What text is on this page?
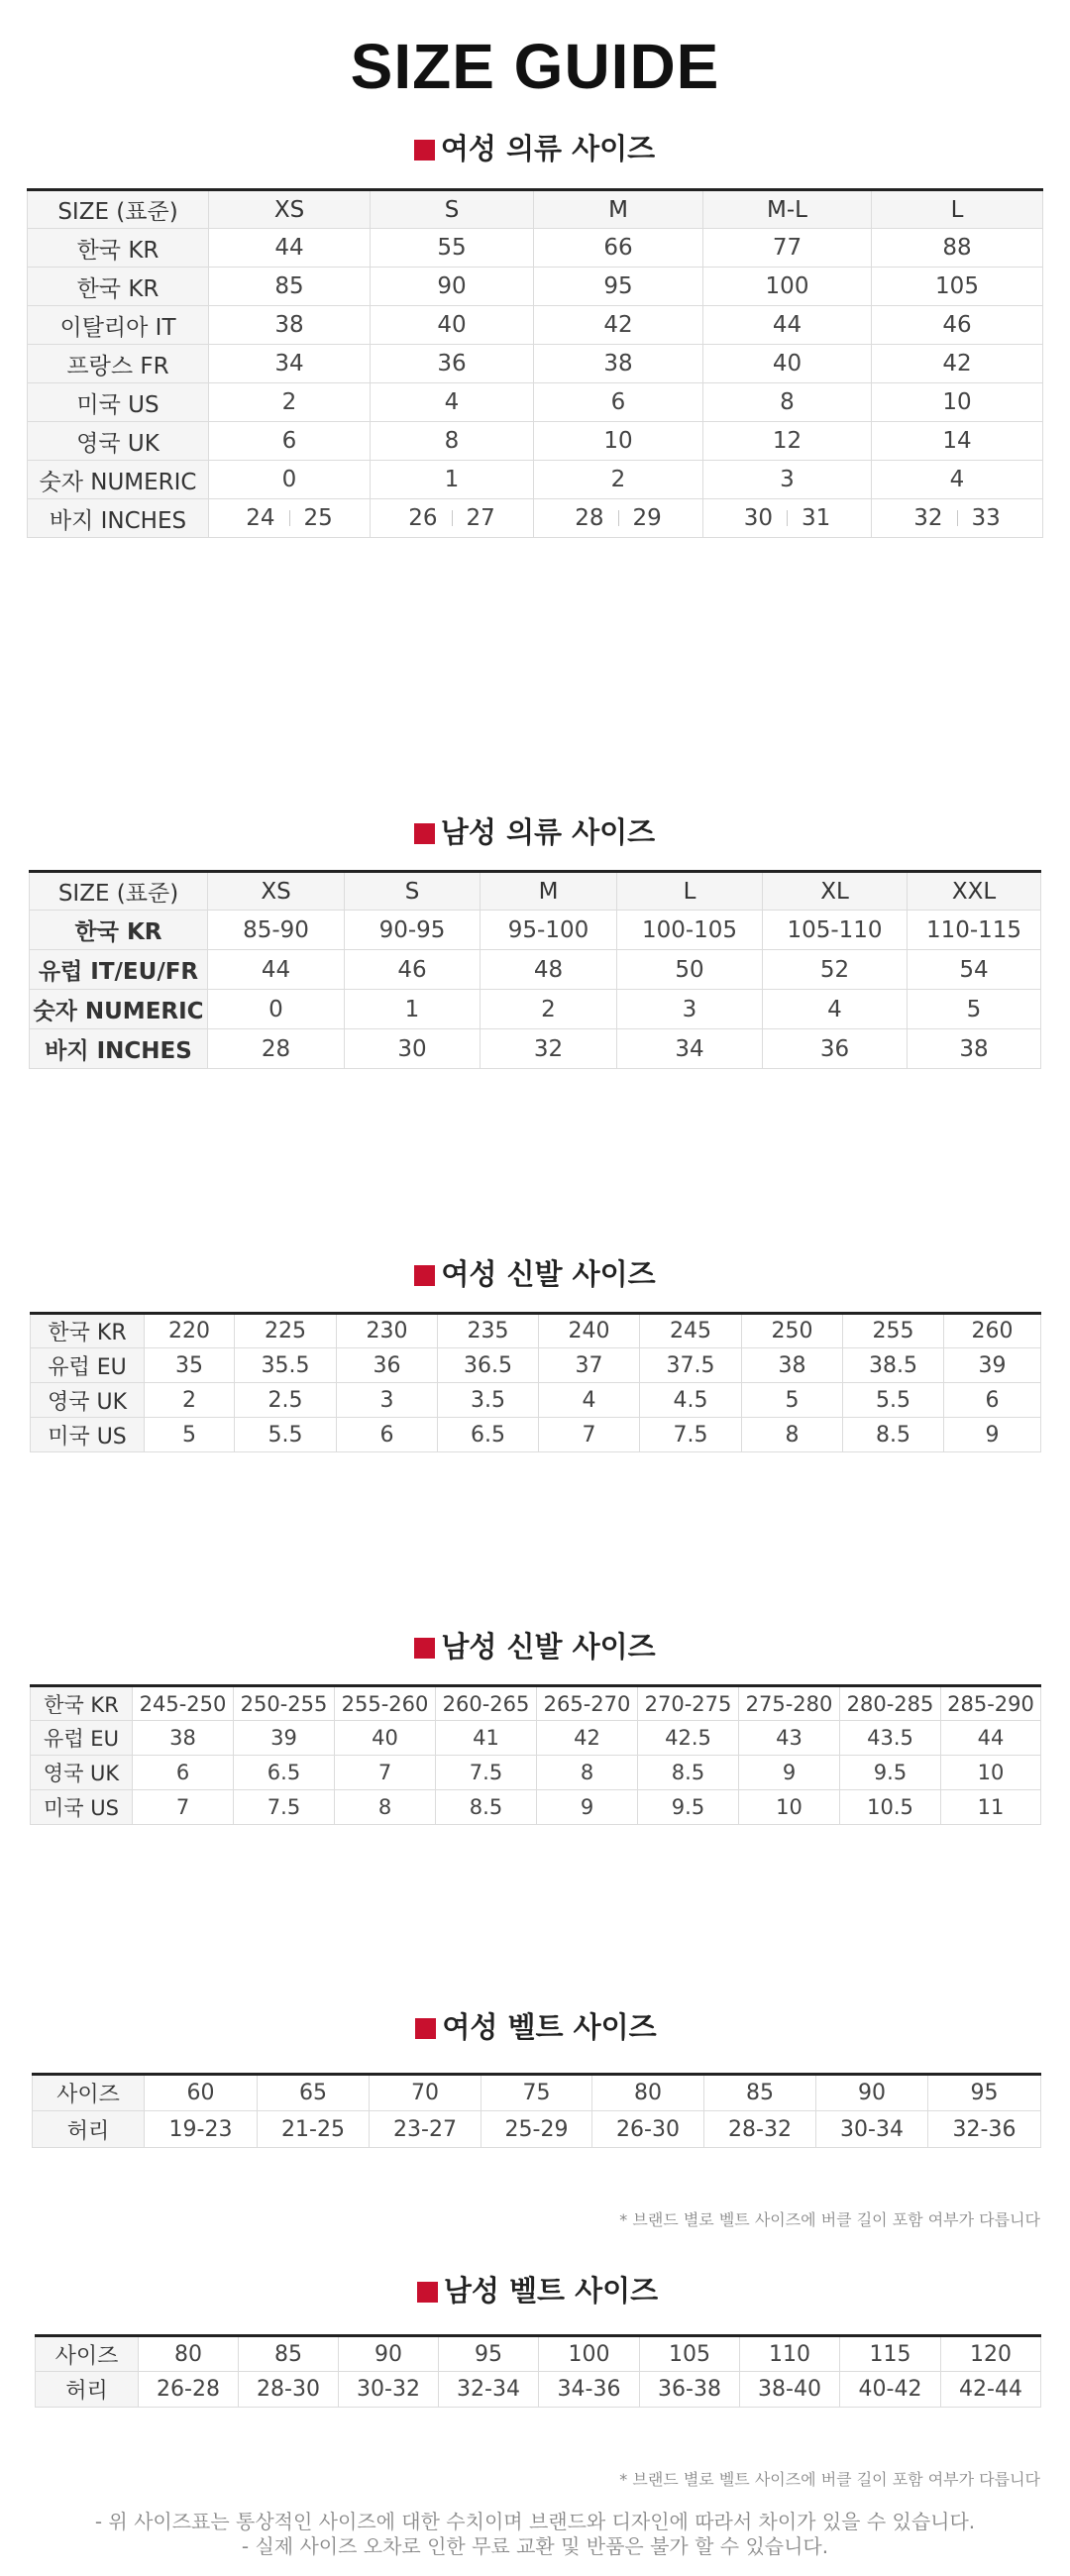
SIZE GUIDE
여성 의류 사이즈
SIZE (표준)	XS	S	M	M-L	L
한국 KR	44	55	66	77	88
한국 KR	85	90	95	100	105
이탈리아 IT	38	40	42	44	46
프랑스 FR	34	36	38	40	42
미국 US	2	4	6	8	10
영국 UK	6	8	10	12	14
숫자 NUMERIC	0	1	2	3	4
바지 INCHES	24 25	26 27	28 29	30 31	32 33
남성 의류 사이즈
SIZE (표준)	XS	S	M	L	XL	XXL
한국 KR	85-90	90-95	95-100	100-105	105-110	110-115
유럽 IT/EU/FR	44	46	48	50	52	54
숫자 NUMERIC	0	1	2	3	4	5
바지 INCHES	28	30	32	34	36	38
여성 신발 사이즈
한국 KR	220	225	230	235	240	245	250	255	260
유럽 EU	35	35.5	36	36.5	37	37.5	38	38.5	39
영국 UK	2	2.5	3	3.5	4	4.5	5	5.5	6
미국 US	5	5.5	6	6.5	7	7.5	8	8.5	9
남성 신발 사이즈
한국 KR	245-250	250-255	255-260	260-265	265-270	270-275	275-280	280-285	285-290
유럽 EU	38	39	40	41	42	42.5	43	43.5	44
영국 UK	6	6.5	7	7.5	8	8.5	9	9.5	10
미국 US	7	7.5	8	8.5	9	9.5	10	10.5	11
여성 벨트 사이즈
사이즈	60	65	70	75	80	85	90	95
허리	19-23	21-25	23-27	25-29	26-30	28-32	30-34	32-36
* 브랜드 별로 벨트 사이즈에 버클 길이 포함 여부가 다릅니다
남성 벨트 사이즈
사이즈	80	85	90	95	100	105	110	115	120
허리	26-28	28-30	30-32	32-34	34-36	36-38	38-40	40-42	42-44
* 브랜드 별로 벨트 사이즈에 버클 길이 포함 여부가 다릅니다
- 위 사이즈표는 통상적인 사이즈에 대한 수치이며 브랜드와 디자인에 따라서 차이가 있을 수 있습니다.
- 실제 사이즈 오차로 인한 무료 교환 및 반품은 불가 할 수 있습니다.
